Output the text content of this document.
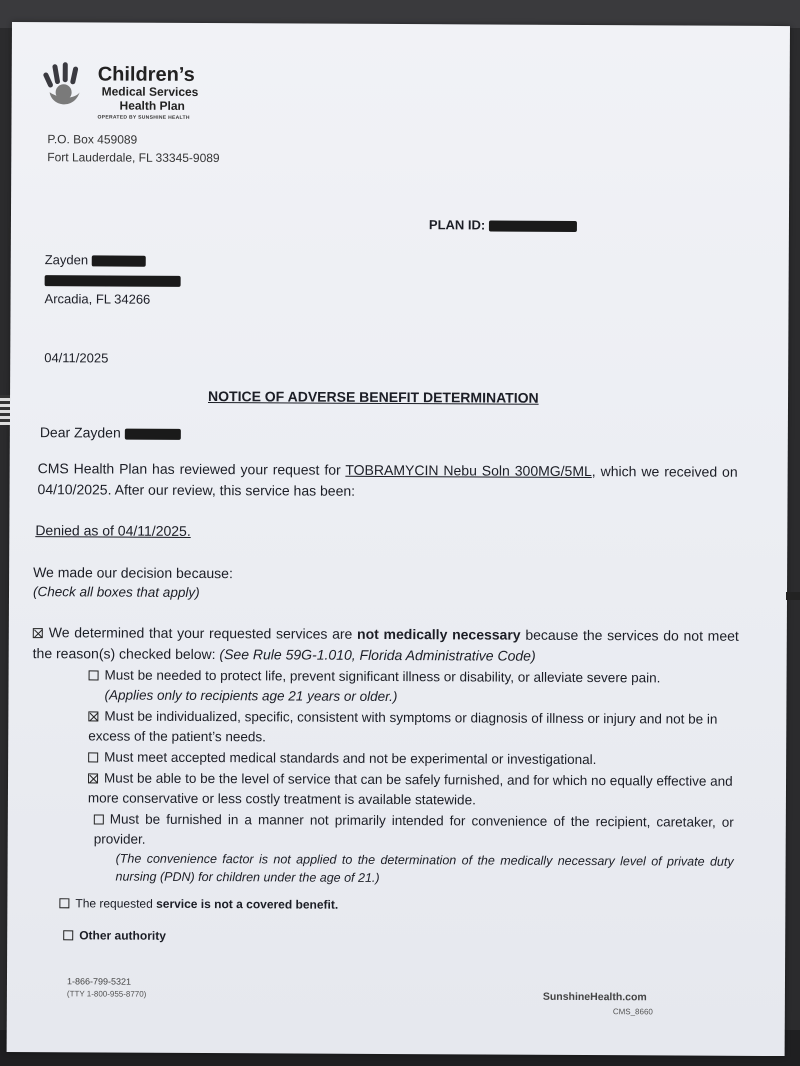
Children’s
Medical Services
Health Plan
OPERATED BY SUNSHINE HEALTH
P.O. Box 459089
Fort Lauderdale, FL 33345-9089
PLAN ID:
Zayden
Arcadia, FL 34266
04/11/2025
NOTICE OF ADVERSE BENEFIT DETERMINATION
Dear Zayden
CMS Health Plan has reviewed your request for TOBRAMYCIN Nebu Soln 300MG/5ML, which we received on 04/10/2025. After our review, this service has been:
Denied as of 04/11/2025.
We made our decision because:
(Check all boxes that apply)
We determined that your requested services are not medically necessary because the services do not meet the reason(s) checked below: (See Rule 59G-1.010, Florida Administrative Code)
Must be needed to protect life, prevent significant illness or disability, or alleviate severe pain.
(Applies only to recipients age 21 years or older.)
Must be individualized, specific, consistent with symptoms or diagnosis of illness or injury and not be in excess of the patient’s needs.
Must meet accepted medical standards and not be experimental or investigational.
Must be able to be the level of service that can be safely furnished, and for which no equally effective and more conservative or less costly treatment is available statewide.
Must be furnished in a manner not primarily intended for convenience of the recipient, caretaker, or provider.
(The convenience factor is not applied to the determination of the medically necessary level of private duty nursing (PDN) for children under the age of 21.)
The requested service is not a covered benefit.
Other authority
1-866-799-5321
(TTY 1-800-955-8770)	SunshineHealth.com
CMS_8660
